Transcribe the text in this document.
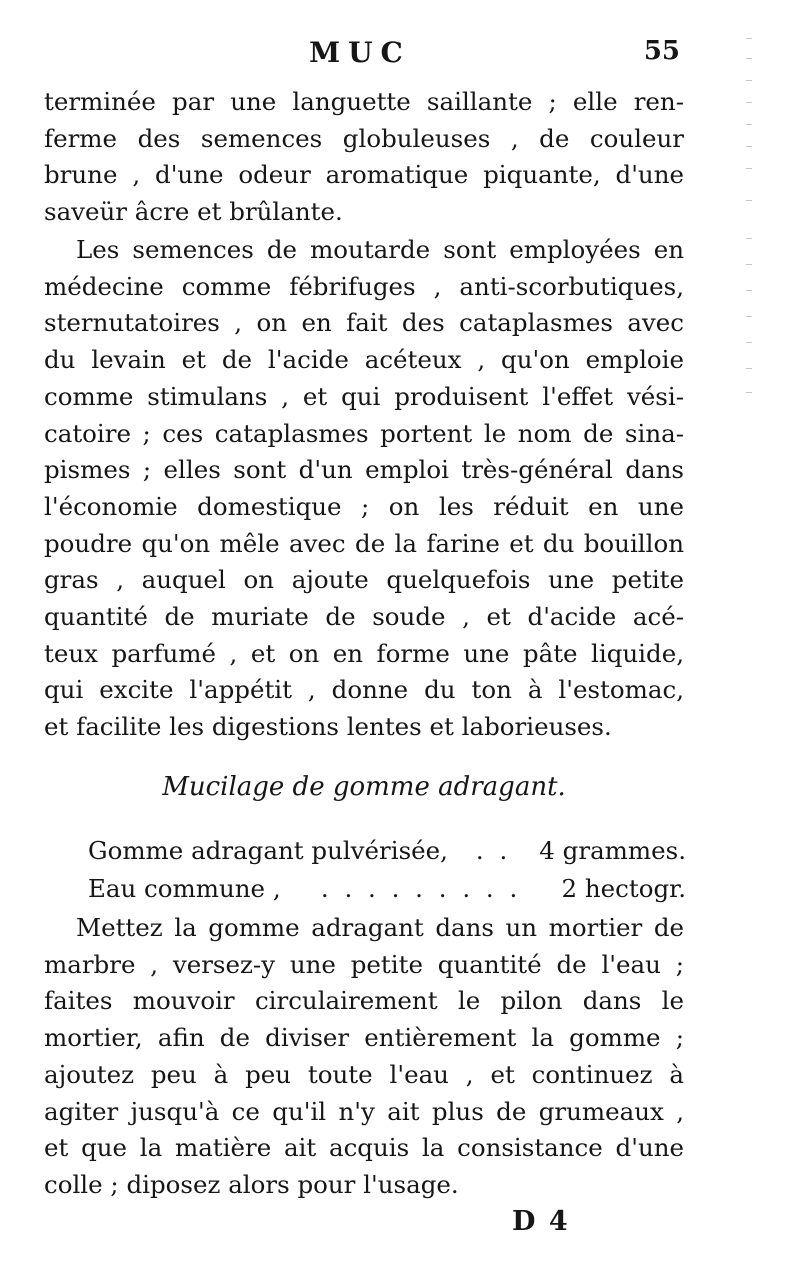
MUC	55
terminée par une languette saillante ; elle ren-
ferme des semences globuleuses , de couleur
brune , d'une odeur aromatique piquante, d'une
saveür âcre et brûlante.
Les semences de moutarde sont employées en
médecine comme fébrifuges , anti-scorbutiques,
sternutatoires , on en fait des cataplasmes avec
du levain et de l'acide acéteux , qu'on emploie
comme stimulans , et qui produisent l'effet vési-
catoire ; ces cataplasmes portent le nom de sina-
pismes ; elles sont d'un emploi très-général dans
l'économie domestique ; on les réduit en une
poudre qu'on mêle avec de la farine et du bouillon
gras , auquel on ajoute quelquefois une petite
quantité de muriate de soude , et d'acide acé-
teux parfumé , et on en forme une pâte liquide,
qui excite l'appétit , donne du ton à l'estomac,
et facilite les digestions lentes et laborieuses.
Mucilage de gomme adragant.
Gomme adragant pulvérisée,	. .	4 grammes.
Eau commune ,	. . . . . . . . .	2 hectogr.
Mettez la gomme adragant dans un mortier de
marbre , versez-y une petite quantité de l'eau ;
faites mouvoir circulairement le pilon dans le
mortier, afin de diviser entièrement la gomme ;
ajoutez peu à peu toute l'eau , et continuez à
agiter jusqu'à ce qu'il n'y ait plus de grumeaux ,
et que la matière ait acquis la consistance d'une
colle ; diposez alors pour l'usage.
D 4
